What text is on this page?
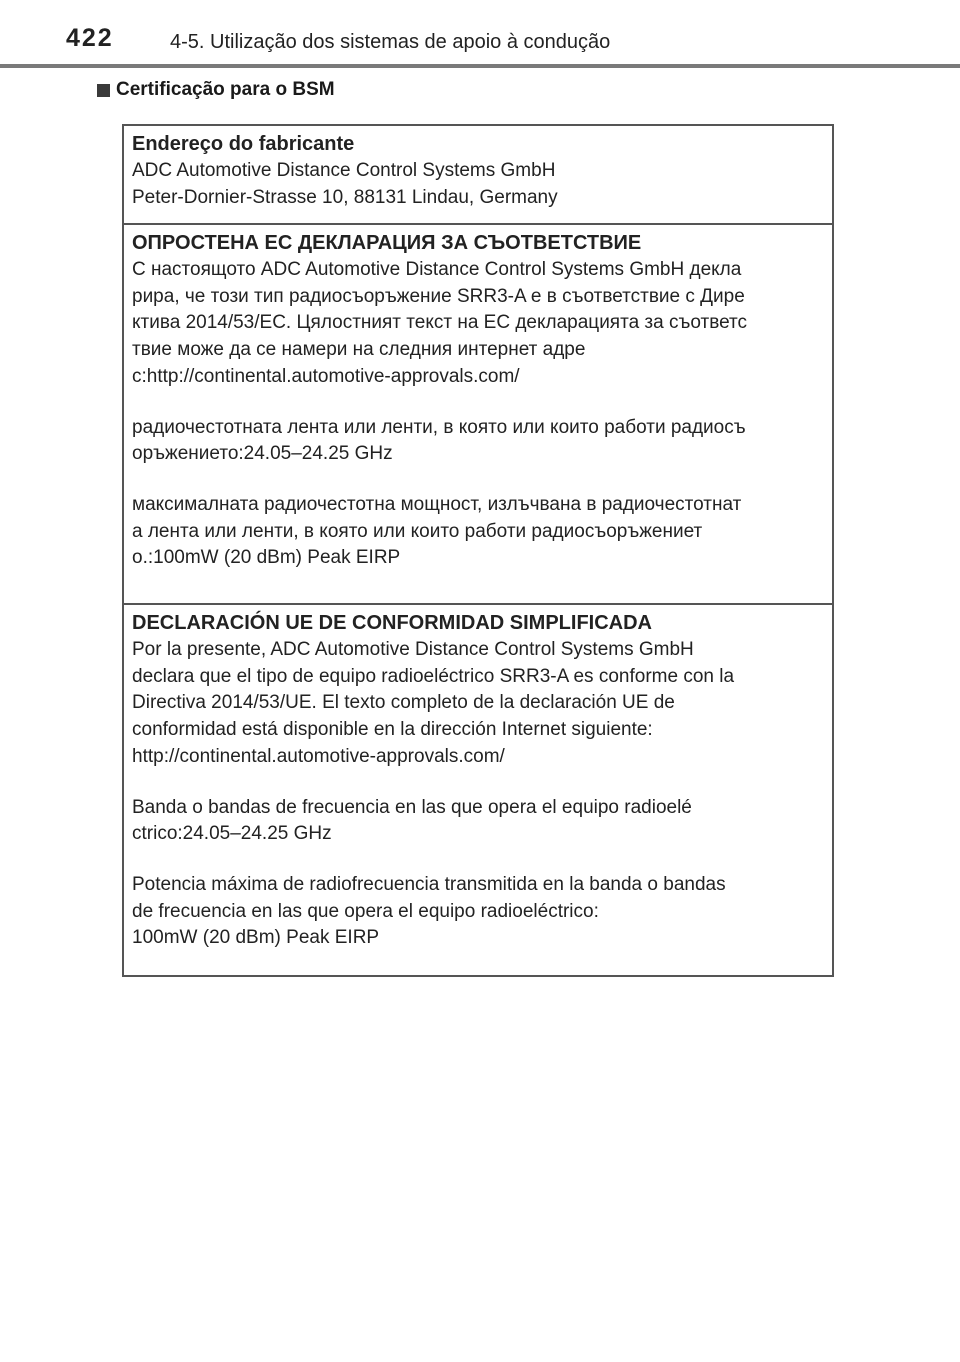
422	4-5. Utilização dos sistemas de apoio à condução
Certificação para o BSM
Endereço do fabricante
ADC Automotive Distance Control Systems GmbH
Peter-Dornier-Strasse 10, 88131 Lindau, Germany
ОПРОСТЕНА ЕС ДЕКЛАРАЦИЯ ЗА СЪОТВЕТСТВИЕ
С настоящото ADC Automotive Distance Control Systems GmbH декла
рира, че този тип радиосъоръжение SRR3-A е в съответствие с Дире
ктива 2014/53/ЕС. Цялостният текст на ЕС декларацията за съответс
твие може да се намери на следния интернет адре
с:http://continental.automotive-approvals.com/
радиочестотната лента или ленти, в която или които работи радиосъ
оръжението:24.05–24.25 GHz
максималната радиочестотна мощност, излъчвана в радиочестотнат
а лента или ленти, в която или които работи радиосъоръжениет
о.:100mW (20 dBm) Peak EIRP
DECLARACIÓN UE DE CONFORMIDAD SIMPLIFICADA
Por la presente, ADC Automotive Distance Control Systems GmbH
declara que el tipo de equipo radioeléctrico SRR3-A es conforme con la
Directiva 2014/53/UE. El texto completo de la declaración UE de
conformidad está disponible en la dirección Internet siguiente:
http://continental.automotive-approvals.com/
Banda o bandas de frecuencia en las que opera el equipo radioelé
ctrico:24.05–24.25 GHz
Potencia máxima de radiofrecuencia transmitida en la banda o bandas
de frecuencia en las que opera el equipo radioeléctrico:
100mW (20 dBm) Peak EIRP
